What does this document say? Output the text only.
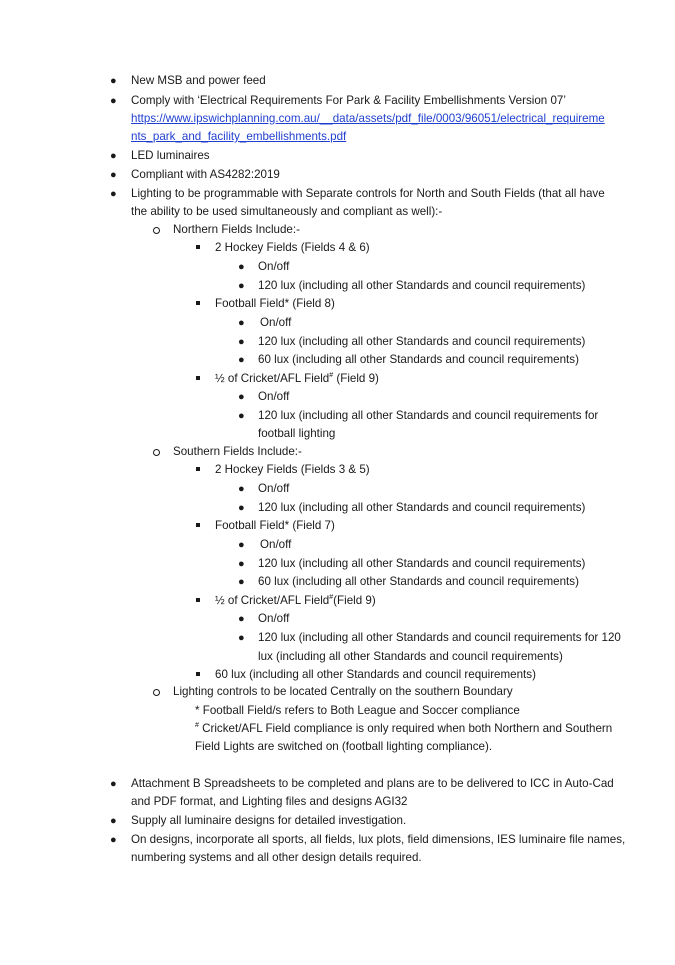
● New MSB and power feed
● Comply with ‘Electrical Requirements For Park & Facility Embellishments Version 07’
https://www.ipswichplanning.com.au/__data/assets/pdf_file/0003/96051/electrical_requireme
nts_park_and_facility_embellishments.pdf
● LED luminaires
● Compliant with AS4282:2019
● Lighting to be programmable with Separate controls for North and South Fields (that all have
the ability to be used simultaneously and compliant as well):-
Northern Fields Include:-
2 Hockey Fields (Fields 4 & 6)
● On/off
● 120 lux (including all other Standards and council requirements)
Football Field* (Field 8)
● On/off
● 120 lux (including all other Standards and council requirements)
● 60 lux (including all other Standards and council requirements)
½ of Cricket/AFL Field# (Field 9)
● On/off
● 120 lux (including all other Standards and council requirements for
football lighting
Southern Fields Include:-
2 Hockey Fields (Fields 3 & 5)
● On/off
● 120 lux (including all other Standards and council requirements)
Football Field* (Field 7)
● On/off
● 120 lux (including all other Standards and council requirements)
● 60 lux (including all other Standards and council requirements)
½ of Cricket/AFL Field#(Field 9)
● On/off
● 120 lux (including all other Standards and council requirements for 120
lux (including all other Standards and council requirements)
60 lux (including all other Standards and council requirements)
Lighting controls to be located Centrally on the southern Boundary
* Football Field/s refers to Both League and Soccer compliance
# Cricket/AFL Field compliance is only required when both Northern and Southern
Field Lights are switched on (football lighting compliance).
● Attachment B Spreadsheets to be completed and plans are to be delivered to ICC in Auto-Cad
and PDF format, and Lighting files and designs AGI32
● Supply all luminaire designs for detailed investigation.
● On designs, incorporate all sports, all fields, lux plots, field dimensions, IES luminaire file names,
numbering systems and all other design details required.
